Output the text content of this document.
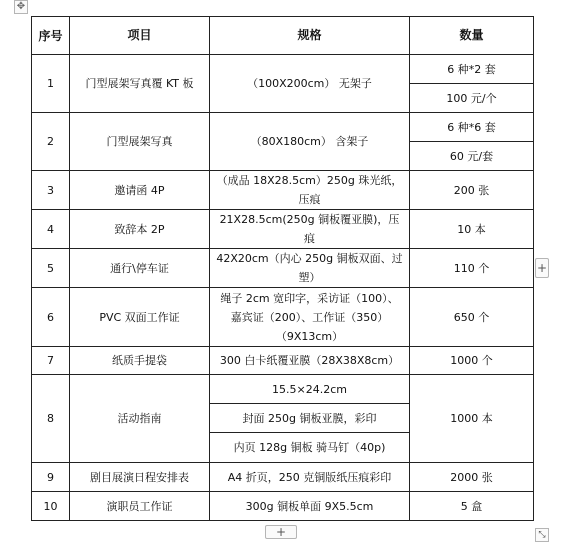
✥
序号	项目	规格	数量
1	门型展架写真覆 KT 板	（100X200cm） 无架子	6 种*2 套
			100 元/个
2	门型展架写真	（80X180cm） 含架子	6 种*6 套
			60 元/套
3	邀请函 4P	（成品 18X28.5cm）250g 珠光纸，
压痕	200 张
4	致辞本 2P	21X28.5cm(250g 铜板覆亚膜)，压
痕	10 本
5	通行\停车证	42X20cm（内心 250g 铜板双面、过
塑）	110 个
6	PVC 双面工作证	绳子 2cm 宽印字，采访证（100）、
嘉宾证（200）、工作证（350）
（9X13cm）	650 个
7	纸质手提袋	300 白卡纸覆亚膜（28X38X8cm）	1000 个
8	活动指南	15.5×24.2cm	1000 本
		封面 250g 铜板亚膜，彩印	
		内页 128g 铜板 骑马钉（40p)	
9	剧目展演日程安排表	A4 折页，250 克铜版纸压痕彩印	2000 张
10	演职员工作证	300g 铜板单面 9X5.5cm	5 盒
+
+	⤡
